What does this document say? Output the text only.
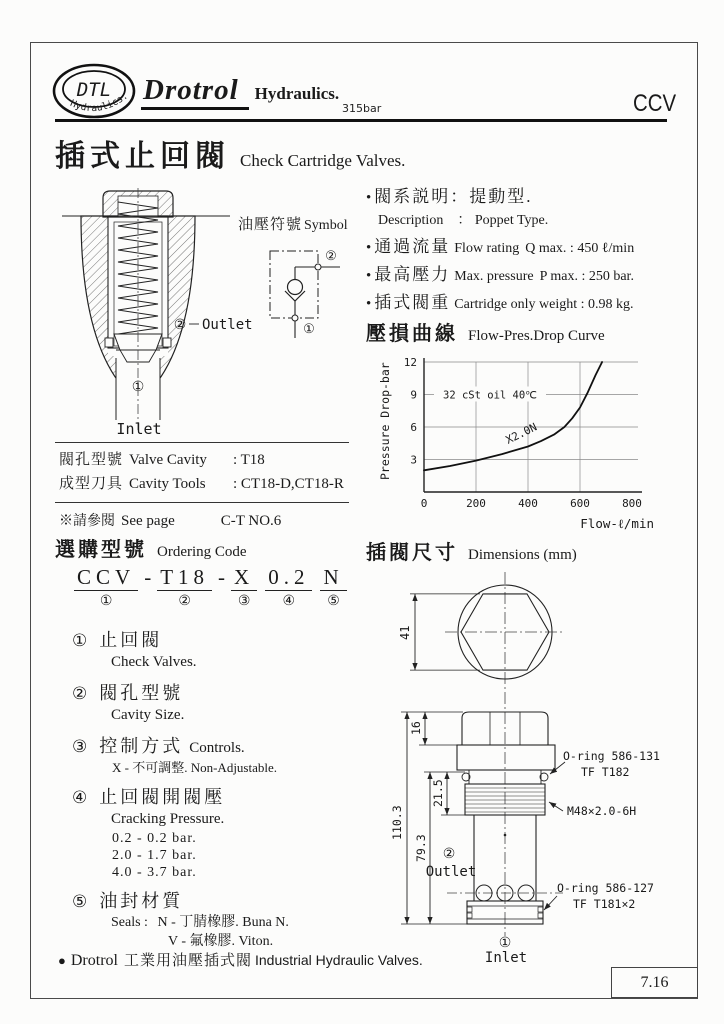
DTL
Hydraulics. Drotrol Hydraulics.
315bar	CCV
插式止回閥 Check Cartridge Valves.
② Outlet
①
Inlet
油壓符號 Symbol
②
①
• 閥系説明：提動型.
Description ： Poppet Type.
• 通過流量 Flow rating Q max. : 450 ℓ/min
• 最高壓力 Max. pressure P max. : 250 bar.
• 插式閥重 Cartridge only weight : 0.98 kg.
壓損曲線 Flow-Pres.Drop Curve
Pressure Drop-bar
Flow-ℓ/min
3
6
9
12
0	200	400	600	800
32 cSt oil 40℃
X2.0N
閥孔型號 Valve Cavity	: T18
成型刀具 Cavity Tools	: CT18-D,CT18-R
※請參閱 See page	C-T NO.6
選購型號 Ordering Code
CCV
①
- T18
②
- X
③
0.2
④
N
⑤
① 止回閥
Check Valves.
② 閥孔型號
Cavity Size.
③ 控制方式 Controls.
X - 不可調整. Non-Adjustable.
④ 止回閥開閥壓
Cracking Pressure.
0.2 - 0.2 bar.
2.0 - 1.7 bar.
4.0 - 3.7 bar.
⑤ 油封材質
Seals : N - 丁腈橡膠. Buna N.
V - 氟橡膠. Viton.
插閥尺寸 Dimensions (mm)
41
110.3
16
79.3
21.5
O-ring 586-131
TF T182
M48×2.0-6H
O-ring 586-127
TF T181×2
②
Outlet
①
Inlet
● Drotrol 工業用油壓插式閥 Industrial Hydraulic Valves.
7.16
